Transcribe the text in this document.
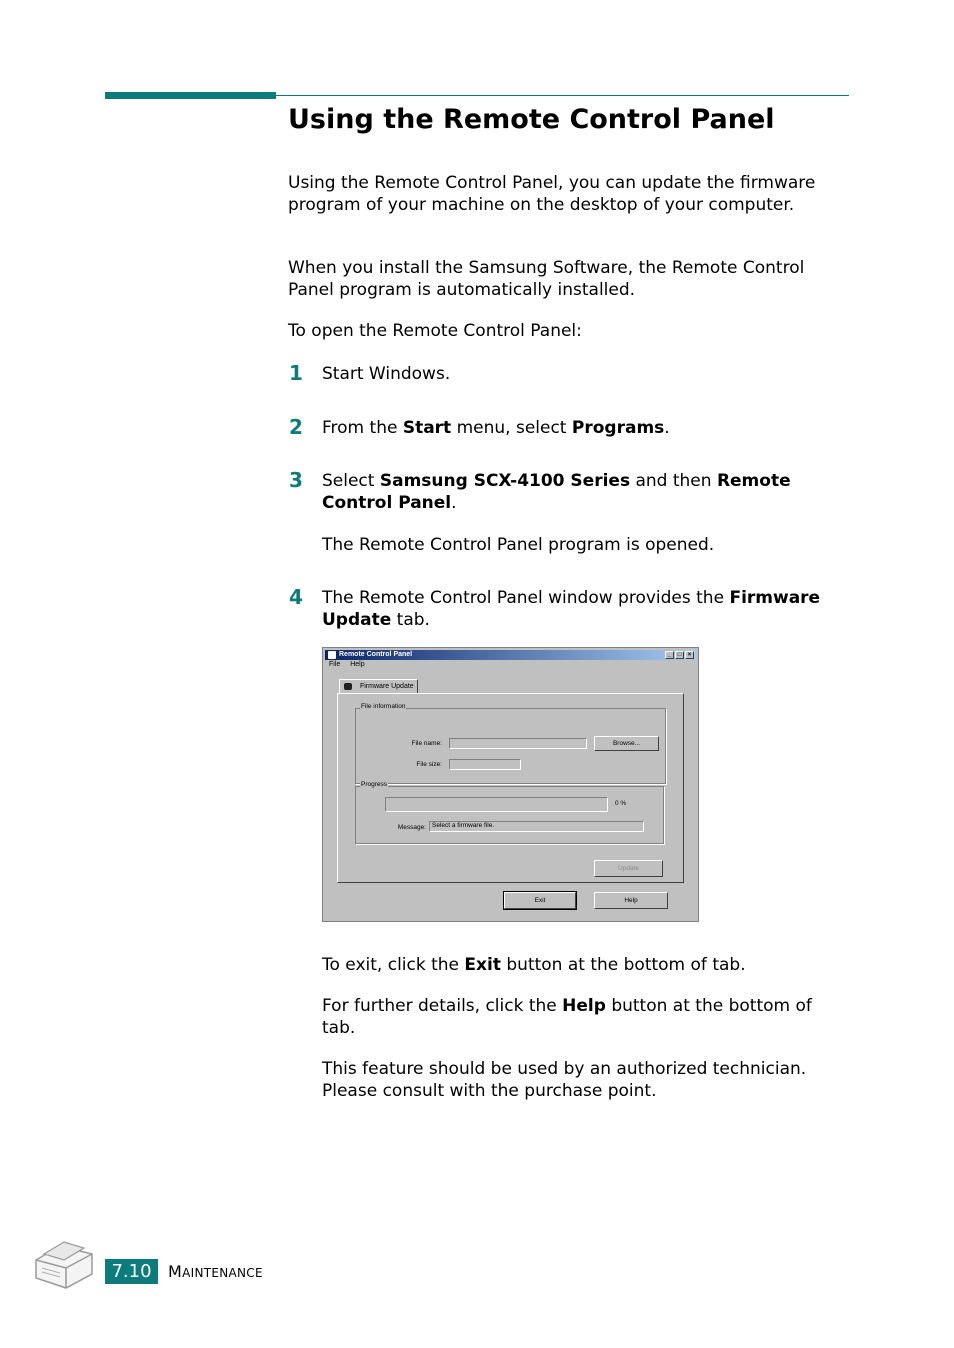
Using the Remote Control Panel
Using the Remote Control Panel, you can update the firmware program of your machine on the desktop of your computer.
When you install the Samsung Software, the Remote Control Panel program is automatically installed.
To open the Remote Control Panel:
1 Start Windows.
2 From the Start menu, select Programs.
3 Select Samsung SCX-4100 Series and then Remote Control Panel.
The Remote Control Panel program is opened.
4 The Remote Control Panel window provides the Firmware Update tab.
Remote Control Panel	_	□	×
File Help
Firmware Update
File information
File name:	Browse...
File size:
Progress
0 %
Message: Select a firmware file.
Update
Exit	Help
To exit, click the Exit button at the bottom of tab.
For further details, click the Help button at the bottom of tab.
This feature should be used by an authorized technician. Please consult with the purchase point.
7.10	MAINTENANCE
